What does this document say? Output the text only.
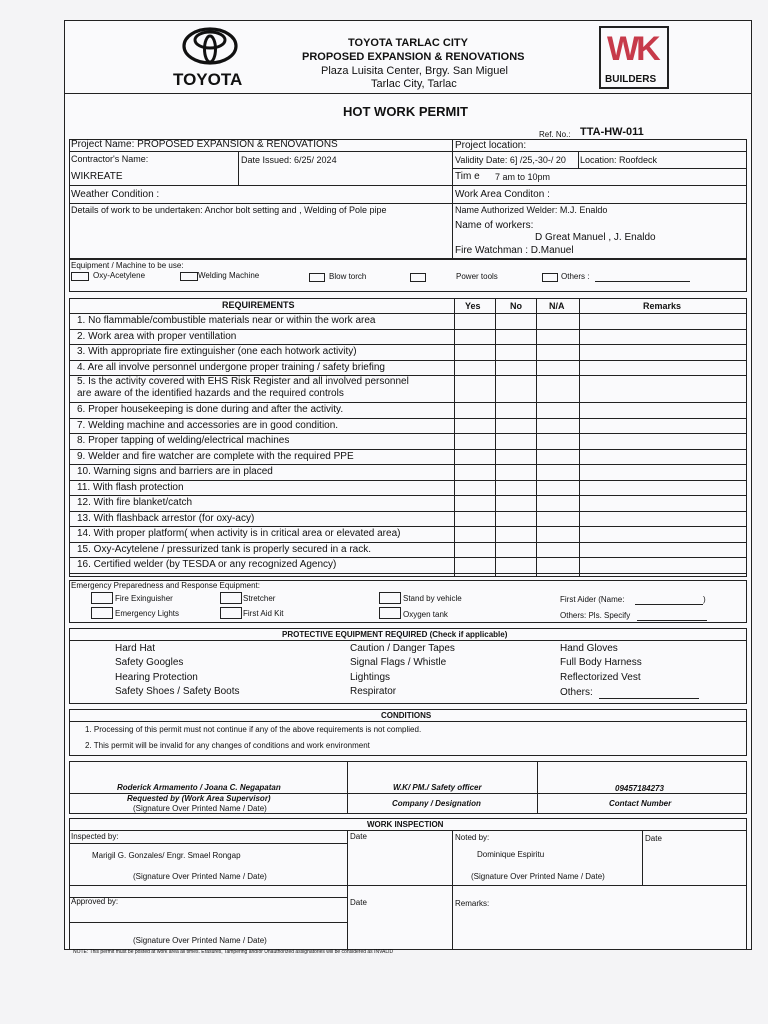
TOYOTA
TOYOTA TARLAC CITY
PROPOSED EXPANSION & RENOVATIONS
Plaza Luisita Center, Brgy. San Miguel
Tarlac City, Tarlac
WK
BUILDERS
HOT WORK PERMIT
Ref. No.: TTA-HW-011
Project Name: PROPOSED EXPANSION & RENOVATIONS	Project location:
Contractor's Name:
WIKREATE
Date Issued: 6/25/ 2024	Validity Date: 6] /25,-30-/ 20 Location: Roofdeck
Tim e 7 am to 10pm
Weather Condition :	Work Area Conditon :
Details of work to be undertaken: Anchor bolt setting and , Welding of Pole pipe	Name Authorized Welder: M.J. Enaldo
Name of workers:
D Great Manuel , J. Enaldo
Fire Watchman : D.Manuel
Equipment / Machine to be use:
Oxy-Acetylene	Welding Machine	Blow torch	Power tools	Others :
REQUIREMENTS	Yes	No	N/A	Remarks
1. No flammable/combustible materials near or within the work area
2. Work area with proper ventillation
3. With appropriate fire extinguisher (one each hotwork activity)
4. Are all involve personnel undergone proper training / safety briefing
5. Is the activity covered with EHS Risk Register and all involved personnel
are aware of the identified hazards and the required controls
6. Proper housekeeping is done during and after the activity.
7. Welding machine and accessories are in good condition.
8. Proper tapping of welding/electrical machines
9. Welder and fire watcher are complete with the required PPE
10. Warning signs and barriers are in placed
11. With flash protection
12. With fire blanket/catch
13. With flashback arrestor (for oxy-acy)
14. With proper platform( when activity is in critical area or elevated area)
15. Oxy-Acytelene / pressurized tank is properly secured in a rack.
16. Certified welder (by TESDA or any recognized Agency)
Emergency Preparedness and Response Equipment:
Fire Exinguisher	Stretcher	Stand by vehicle	First Aider (Name:	)
Emergency Lights	First Aid Kit	Oxygen tank	Others: Pls. Specify
PROTECTIVE EQUIPMENT REQUIRED (Check if applicable)
Hard Hat	Caution / Danger Tapes	Hand Gloves
Safety Googles	Signal Flags / Whistle	Full Body Harness
Hearing Protection	Lightings	Reflectorized Vest
Safety Shoes / Safety Boots	Respirator	Others:
CONDITIONS
1. Processing of this permit must not continue if any of the above requirements is not complied.
2. This permit will be invalid for any changes of conditions and work environment
Roderick Armamento / Joana C. Negapatan
Requested by (Work Area Supervisor)
(Signature Over Printed Name / Date)
W.K/ PM./ Safety officer
Company / Designation
09457184273
Contact Number
WORK INSPECTION
Inspected by:
Marigil G. Gonzales/ Engr. Smael Rongap
(Signature Over Printed Name / Date)
Date	Noted by:
Dominique Espiritu
(Signature Over Printed Name / Date)
Date
Approved by:
(Signature Over Printed Name / Date)
Date	Remarks:
NOTE: This permit must be posted at work area all times. Erasures, Tampering and/or Unauthorized assignatories will be considered as INVALID
